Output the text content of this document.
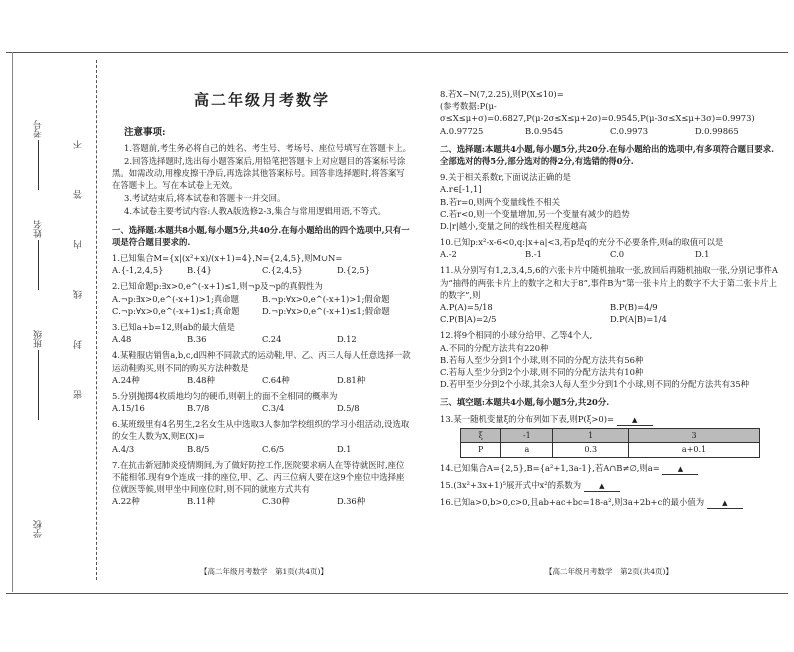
考号
姓名
班级
学校
不
答
内
线
封
密
高二年级月考数学
注意事项:
1.答题前,考生务必将自己的姓名、考生号、考场号、座位号填写在答题卡上。
2.回答选择题时,选出每小题答案后,用铅笔把答题卡上对应题目的答案标号涂黑。如需改动,用橡皮擦干净后,再选涂其他答案标号。回答非选择题时,将答案写在答题卡上。写在本试卷上无效。
3.考试结束后,将本试卷和答题卡一并交回。
4.本试卷主要考试内容:人教A版选修2-3,集合与常用逻辑用语,不等式。
一、选择题:本题共8小题,每小题5分,共40分.在每小题给出的四个选项中,只有一项是符合题目要求的.
1.已知集合M={x|(x²+x)/(x+1)=4},N={2,4,5},则M∪N=
A.{-1,2,4,5}	B.{4}	C.{2,4,5}	D.{2,5}
2.已知命题p:∃x>0,e^(-x+1)≤1,则¬p及¬p的真假性为
A.¬p:∃x>0,e^(-x+1)>1;真命题	B.¬p:∀x>0,e^(-x+1)>1;假命题
C.¬p:∀x>0,e^(-x+1)≤1;真命题	D.¬p:∀x>0,e^(-x+1)≤1;假命题
3.已知a+b=12,则ab的最大值是
A.48	B.36	C.24	D.12
4.某鞋服店销售a,b,c,d四种不同款式的运动鞋,甲、乙、丙三人每人任意选择一款运动鞋购买,则不同的购买方法种数是
A.24种	B.48种	C.64种	D.81种
5.分别抛掷4枚质地均匀的硬币,则朝上的面不全相同的概率为
A.15/16	B.7/8	C.3/4	D.5/8
6.某班级里有4名男生,2名女生从中选取3人参加学校组织的学习小组活动,设选取的女生人数为X,则E(X)=
A.4/3	B.8/5	C.6/5	D.1
7.在抗击新冠肺炎疫情期间,为了做好防控工作,医院要求病人在等待就医时,座位不能相邻.现有9个连成一排的座位,甲、乙、丙三位病人要在这9个座位中选择座位就医等候,则甲坐中间座位时,则不同的就座方式共有
A.22种	B.11种	C.30种	D.36种
【高二年级月考数学　第1页(共4页)】
8.若X~N(7,2.25),则P(X≤10)=
(参考数据:P(μ-σ≤X≤μ+σ)=0.6827,P(μ-2σ≤X≤μ+2σ)=0.9545,P(μ-3σ≤X≤μ+3σ)=0.9973)
A.0.97725	B.0.9545	C.0.9973	D.0.99865
二、选择题:本题共4小题,每小题5分,共20分.在每小题给出的选项中,有多项符合题目要求.全部选对的得5分,部分选对的得2分,有选错的得0分.
9.关于相关系数r,下面说法正确的是
A.r∈[-1,1]
B.若r=0,则两个变量线性不相关
C.若r<0,则一个变量增加,另一个变量有减少的趋势
D.|r|越小,变量之间的线性相关程度越高
10.已知p:x²-x-6<0,q:|x+a|<3,若p是q的充分不必要条件,则a的取值可以是
A.-2	B.-1	C.0	D.1
11.从分别写有1,2,3,4,5,6的六张卡片中随机抽取一张,放回后再随机抽取一张,分别记事件A为“抽得的两张卡片上的数字之和大于8”,事件B为“第一张卡片上的数字不大于第二张卡片上的数字”,则
A.P(A)=5/18	B.P(B)=4/9
C.P(B|A)=2/5	D.P(A|B)=1/4
12.将9个相同的小球分给甲、乙等4个人,
A.不同的分配方法共有220种
B.若每人至少分到1个小球,则不同的分配方法共有56种
C.若每人至少分到2个小球,则不同的分配方法共有10种
D.若甲至少分到2个小球,其余3人每人至少分到1个小球,则不同的分配方法共有35种
三、填空题:本题共4小题,每小题5分,共20分.
13.某一随机变量ξ的分布列如下表,则P(ξ>0)=	▲
ξ	-1	1	3
P	a	0.3	a+0.1
14.已知集合A={2,5},B={a²+1,3a-1},若A∩B≠∅,则a=	▲
15.(3x²+3x+1)⁵展开式中x²的系数为	▲
16.已知a>0,b>0,c>0,且ab+ac+bc=18-a²,则3a+2b+c的最小值为	▲
【高二年级月考数学　第2页(共4页)】
